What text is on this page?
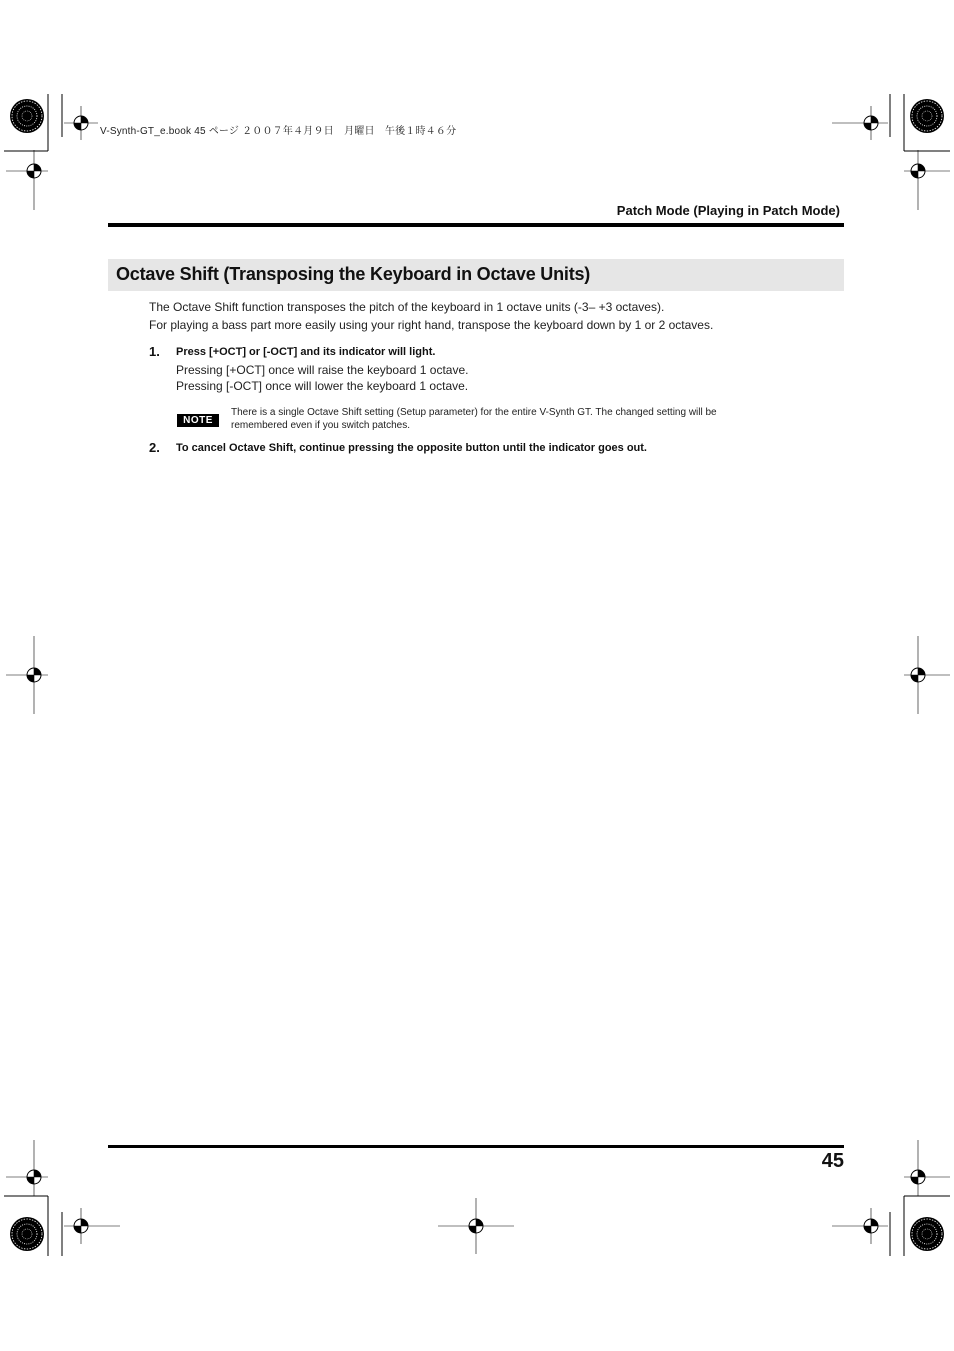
V-Synth-GT_e.book 45 ページ ２００７年４月９日　月曜日　午後１時４６分
Patch Mode (Playing in Patch Mode)
Octave Shift (Transposing the Keyboard in Octave Units)
The Octave Shift function transposes the pitch of the keyboard in 1 octave units (-3– +3 octaves).
For playing a bass part more easily using your right hand, transpose the keyboard down by 1 or 2 octaves.
1. Press [+OCT] or [-OCT] and its indicator will light.
Pressing [+OCT] once will raise the keyboard 1 octave.
Pressing [-OCT] once will lower the keyboard 1 octave.
NOTE
There is a single Octave Shift setting (Setup parameter) for the entire V-Synth GT. The changed setting will be
remembered even if you switch patches.
2. To cancel Octave Shift, continue pressing the opposite button until the indicator goes out.
45
